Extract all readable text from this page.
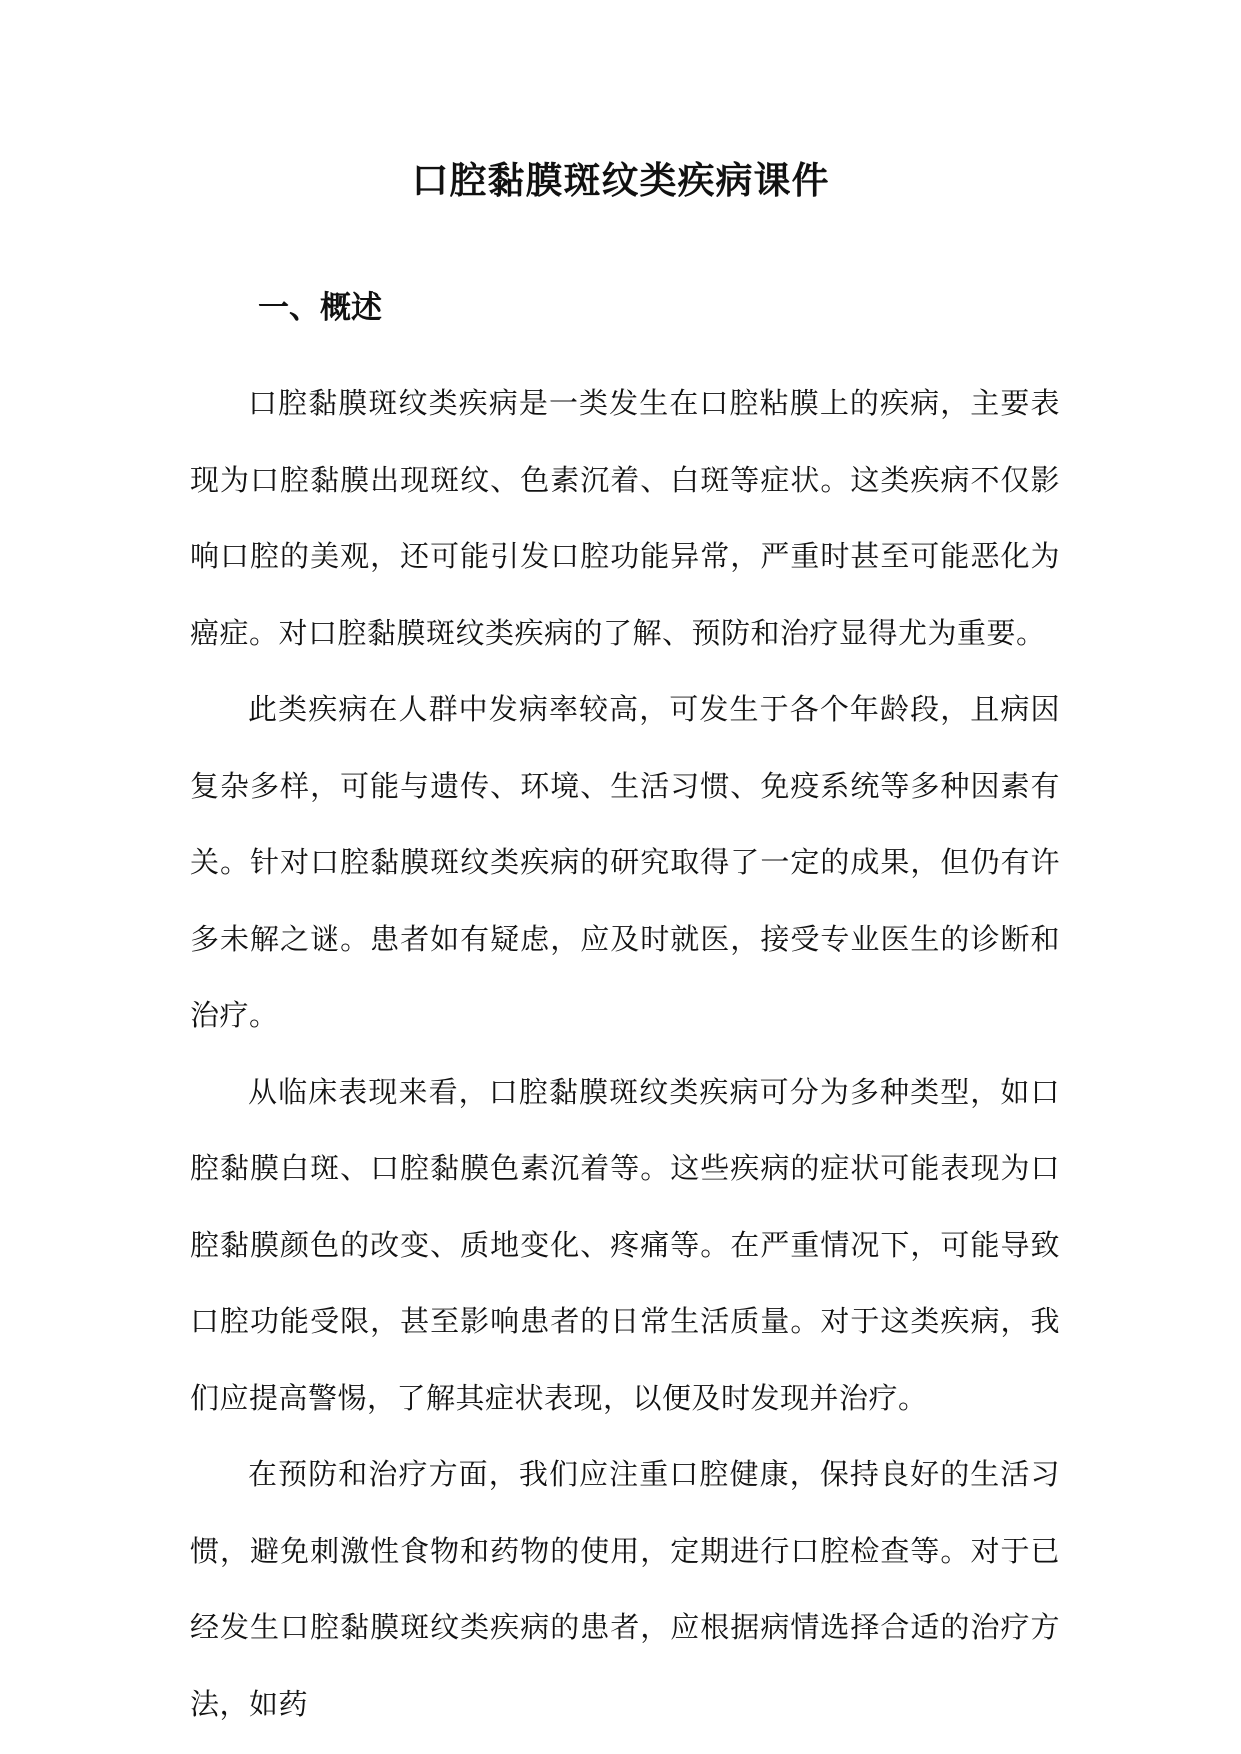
口腔黏膜斑纹类疾病课件
一、概述

口腔黏膜斑纹类疾病是一类发生在口腔粘膜上的疾病，主要表现为口腔黏膜出现斑纹、色素沉着、白斑等症状。这类疾病不仅影响口腔的美观，还可能引发口腔功能异常，严重时甚至可能恶化为癌症。对口腔黏膜斑纹类疾病的了解、预防和治疗显得尤为重要。

此类疾病在人群中发病率较高，可发生于各个年龄段，且病因复杂多样，可能与遗传、环境、生活习惯、免疫系统等多种因素有关。针对口腔黏膜斑纹类疾病的研究取得了一定的成果，但仍有许多未解之谜。患者如有疑虑，应及时就医，接受专业医生的诊断和治疗。

从临床表现来看，口腔黏膜斑纹类疾病可分为多种类型，如口腔黏膜白斑、口腔黏膜色素沉着等。这些疾病的症状可能表现为口腔黏膜颜色的改变、质地变化、疼痛等。在严重情况下，可能导致口腔功能受限，甚至影响患者的日常生活质量。对于这类疾病，我们应提高警惕，了解其症状表现，以便及时发现并治疗。

在预防和治疗方面，我们应注重口腔健康，保持良好的生活习惯，避免刺激性食物和药物的使用，定期进行口腔检查等。对于已经发生口腔黏膜斑纹类疾病的患者，应根据病情选择合适的治疗方法，如药
